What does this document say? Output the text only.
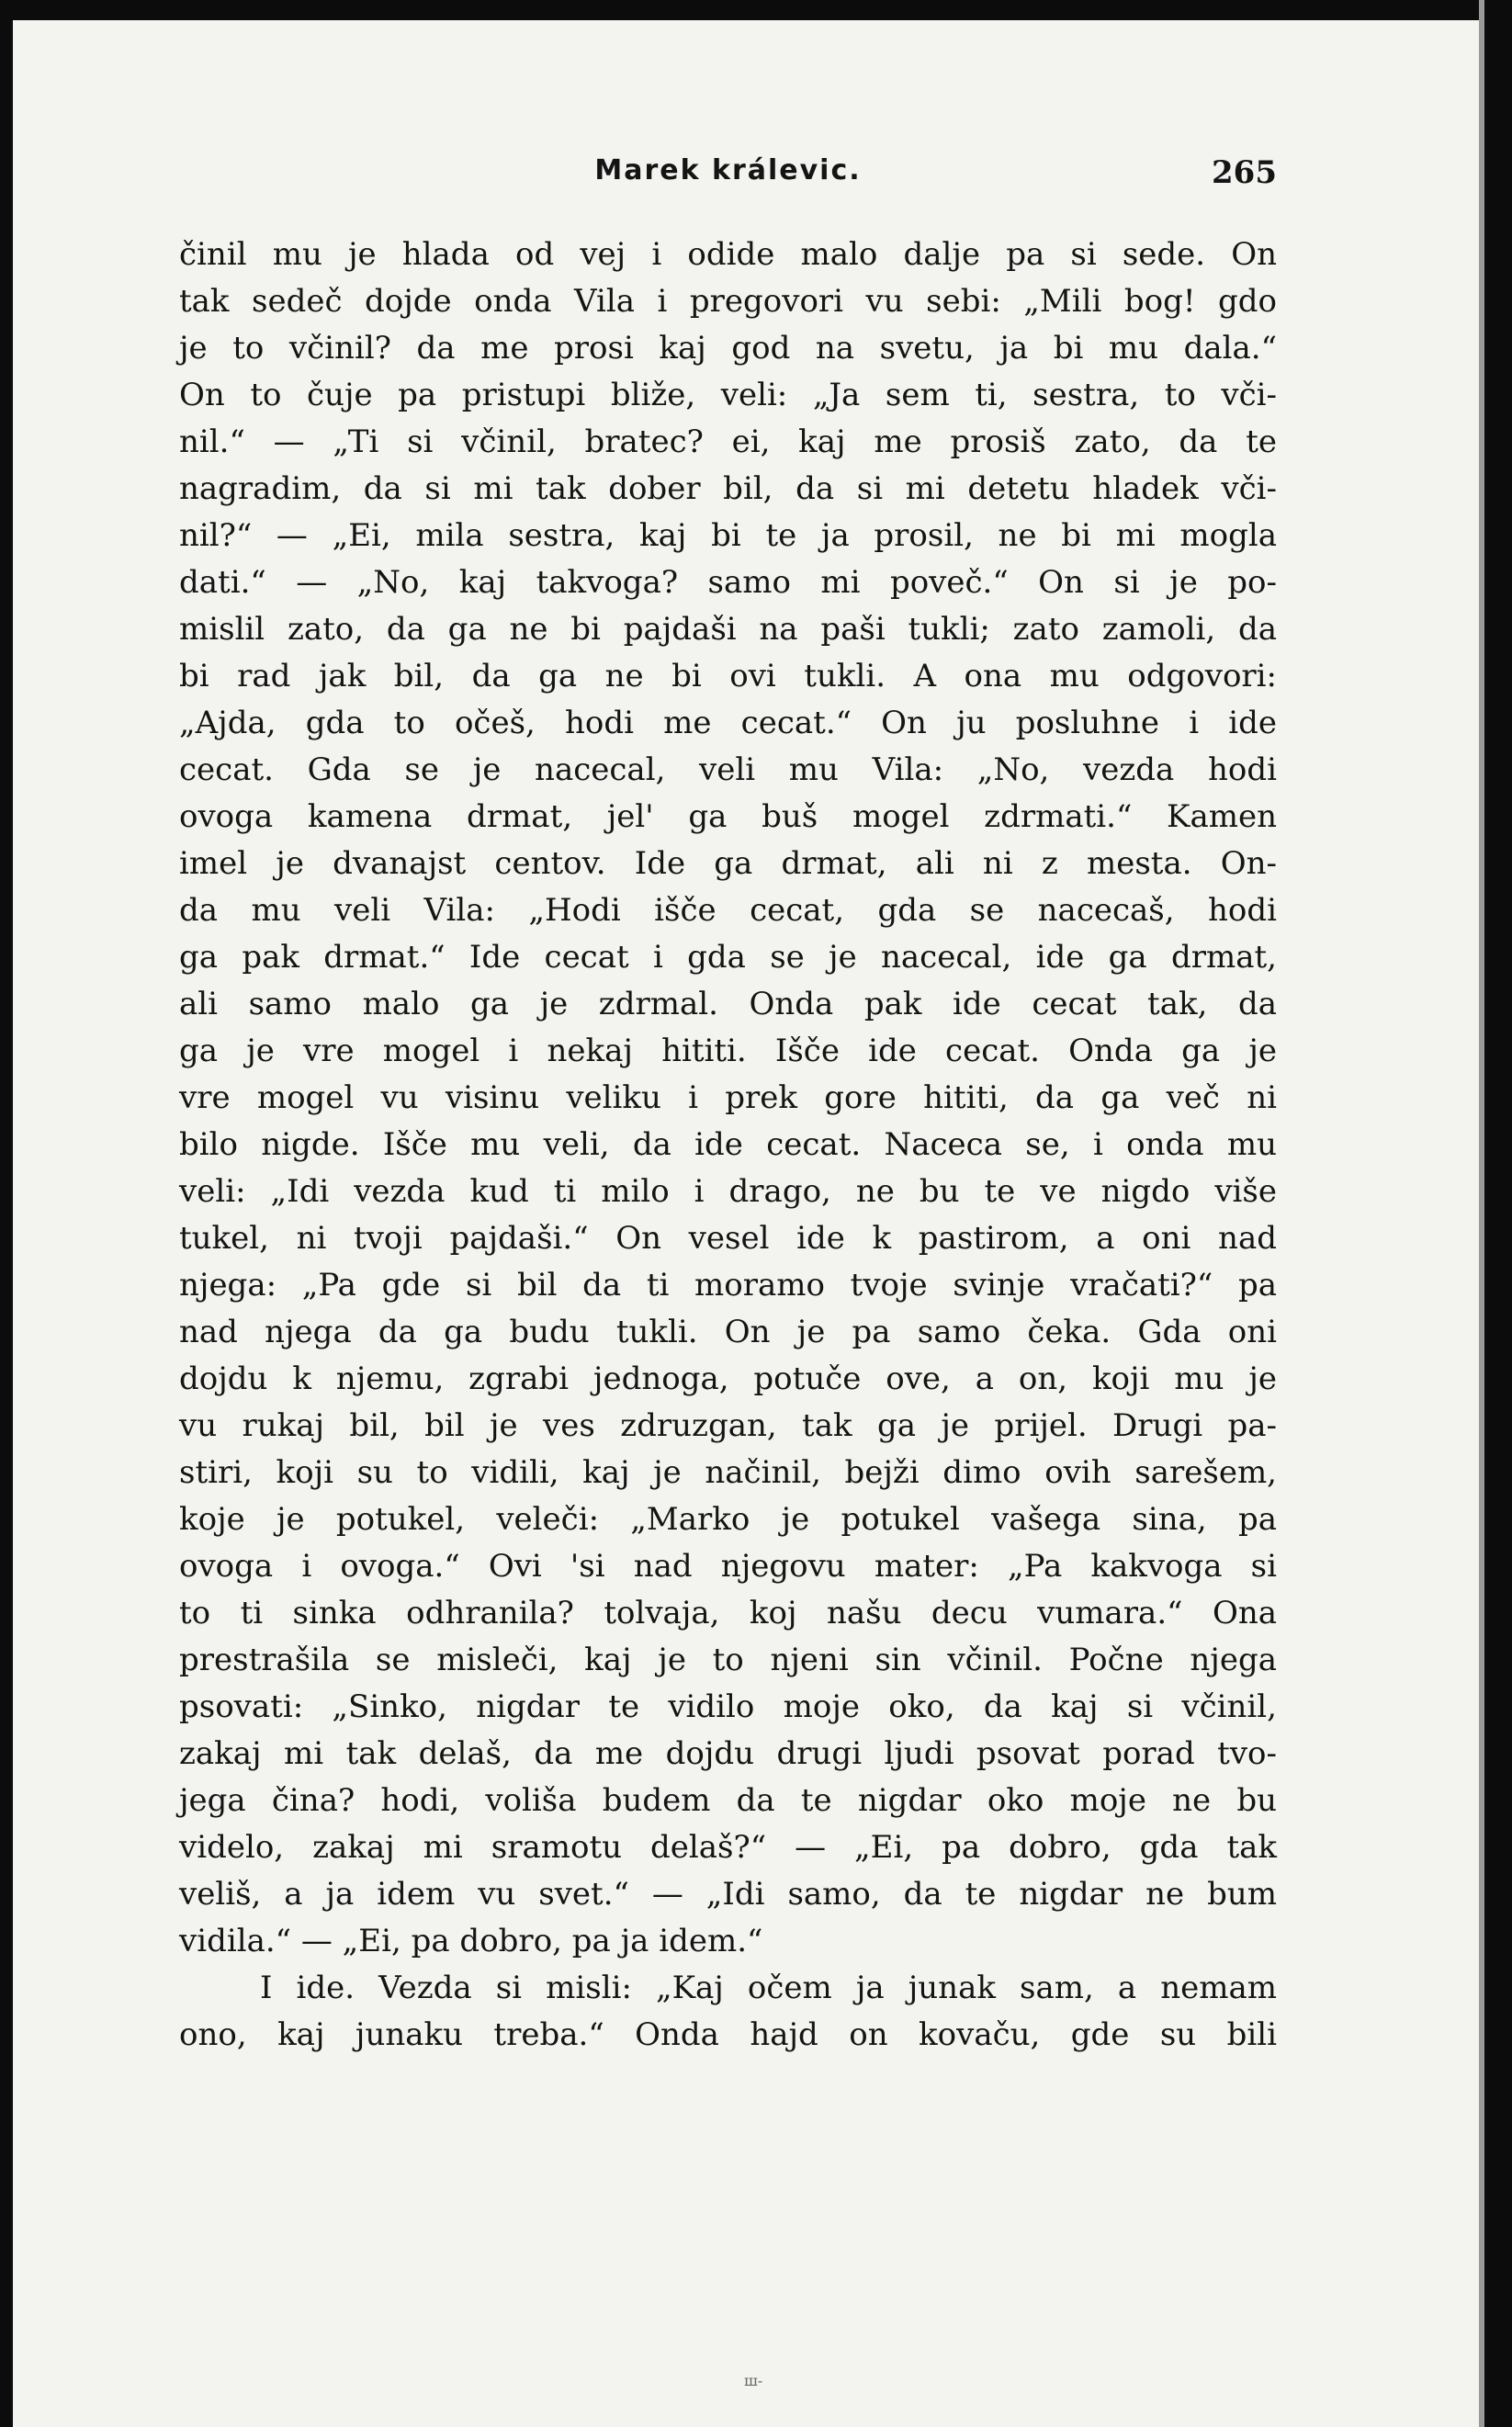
Marek králevic.	265
činil mu je hlada od vej i odide malo dalje pa si sede. On
tak sedeč dojde onda Vila i pregovori vu sebi: „Mili bog! gdo
je to včinil? da me prosi kaj god na svetu, ja bi mu dala.“
On to čuje pa pristupi bliže, veli: „Ja sem ti, sestra, to vči-
nil.“ — „Ti si včinil, bratec? ei, kaj me prosiš zato, da te
nagradim, da si mi tak dober bil, da si mi detetu hladek vči-
nil?“ — „Ei, mila sestra, kaj bi te ja prosil, ne bi mi mogla
dati.“ — „No, kaj takvoga? samo mi poveč.“ On si je po-
mislil zato, da ga ne bi pajdaši na paši tukli; zato zamoli, da
bi rad jak bil, da ga ne bi ovi tukli. A ona mu odgovori:
„Ajda, gda to očeš, hodi me cecat.“ On ju posluhne i ide
cecat. Gda se je nacecal, veli mu Vila: „No, vezda hodi
ovoga kamena drmat, jel' ga buš mogel zdrmati.“ Kamen
imel je dvanajst centov. Ide ga drmat, ali ni z mesta. On-
da mu veli Vila: „Hodi išče cecat, gda se nacecaš, hodi
ga pak drmat.“ Ide cecat i gda se je nacecal, ide ga drmat,
ali samo malo ga je zdrmal. Onda pak ide cecat tak, da
ga je vre mogel i nekaj hititi. Išče ide cecat. Onda ga je
vre mogel vu visinu veliku i prek gore hititi, da ga več ni
bilo nigde. Išče mu veli, da ide cecat. Naceca se, i onda mu
veli: „Idi vezda kud ti milo i drago, ne bu te ve nigdo više
tukel, ni tvoji pajdaši.“ On vesel ide k pastirom, a oni nad
njega: „Pa gde si bil da ti moramo tvoje svinje vračati?“ pa
nad njega da ga budu tukli. On je pa samo čeka. Gda oni
dojdu k njemu, zgrabi jednoga, potuče ove, a on, koji mu je
vu rukaj bil, bil je ves zdruzgan, tak ga je prijel. Drugi pa-
stiri, koji su to vidili, kaj je načinil, bejži dimo ovih sarešem,
koje je potukel, veleči: „Marko je potukel vašega sina, pa
ovoga i ovoga.“ Ovi 'si nad njegovu mater: „Pa kakvoga si
to ti sinka odhranila? tolvaja, koj našu decu vumara.“ Ona
prestrašila se misleči, kaj je to njeni sin včinil. Počne njega
psovati: „Sinko, nigdar te vidilo moje oko, da kaj si včinil,
zakaj mi tak delaš, da me dojdu drugi ljudi psovat porad tvo-
jega čina? hodi, voliša budem da te nigdar oko moje ne bu
videlo, zakaj mi sramotu delaš?“ — „Ei, pa dobro, gda tak
veliš, a ja idem vu svet.“ — „Idi samo, da te nigdar ne bum
vidila.“ — „Ei, pa dobro, pa ja idem.“
I ide. Vezda si misli: „Kaj očem ja junak sam, a nemam
ono, kaj junaku treba.“ Onda hajd on kovaču, gde su bili
ш-
